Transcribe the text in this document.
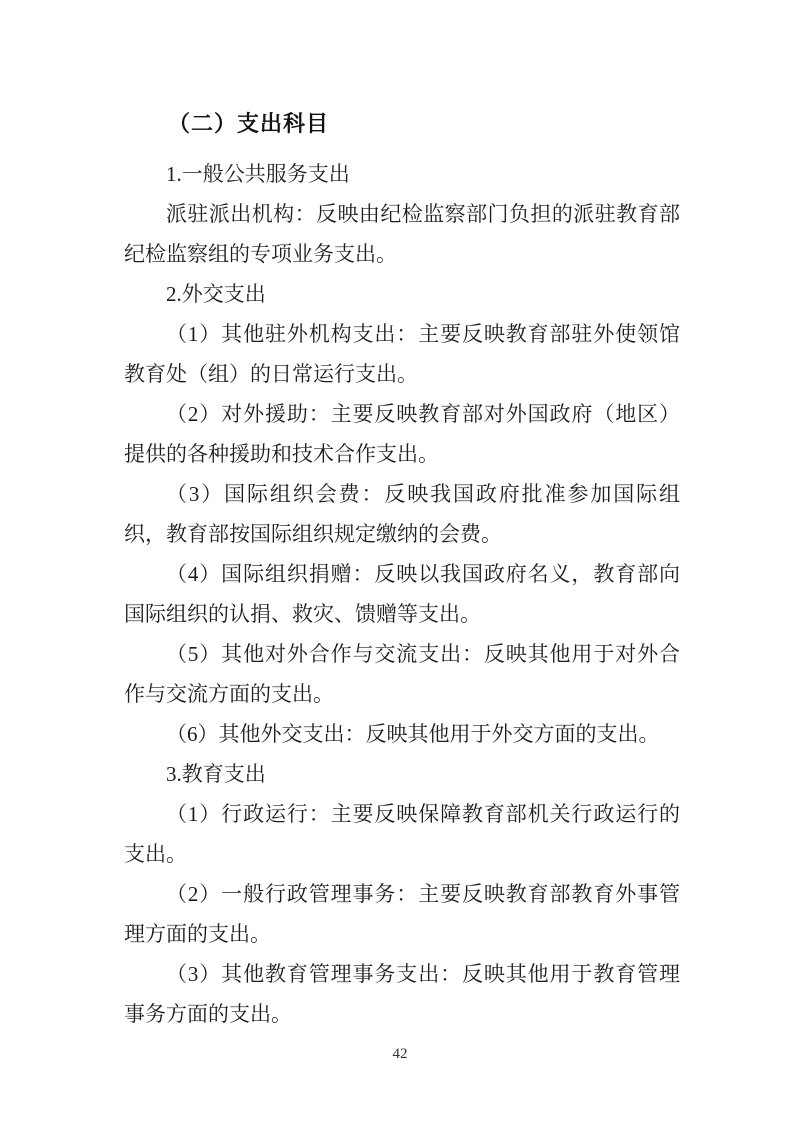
（二）支出科目

1.一般公共服务支出

派驻派出机构：反映由纪检监察部门负担的派驻教育部纪检监察组的专项业务支出。

2.外交支出

（1）其他驻外机构支出：主要反映教育部驻外使领馆教育处（组）的日常运行支出。

（2）对外援助：主要反映教育部对外国政府（地区）提供的各种援助和技术合作支出。

（3）国际组织会费：反映我国政府批准参加国际组织，教育部按国际组织规定缴纳的会费。

（4）国际组织捐赠：反映以我国政府名义，教育部向国际组织的认捐、救灾、馈赠等支出。

（5）其他对外合作与交流支出：反映其他用于对外合作与交流方面的支出。

（6）其他外交支出：反映其他用于外交方面的支出。

3.教育支出

（1）行政运行：主要反映保障教育部机关行政运行的支出。

（2）一般行政管理事务：主要反映教育部教育外事管理方面的支出。

（3）其他教育管理事务支出：反映其他用于教育管理事务方面的支出。

42
